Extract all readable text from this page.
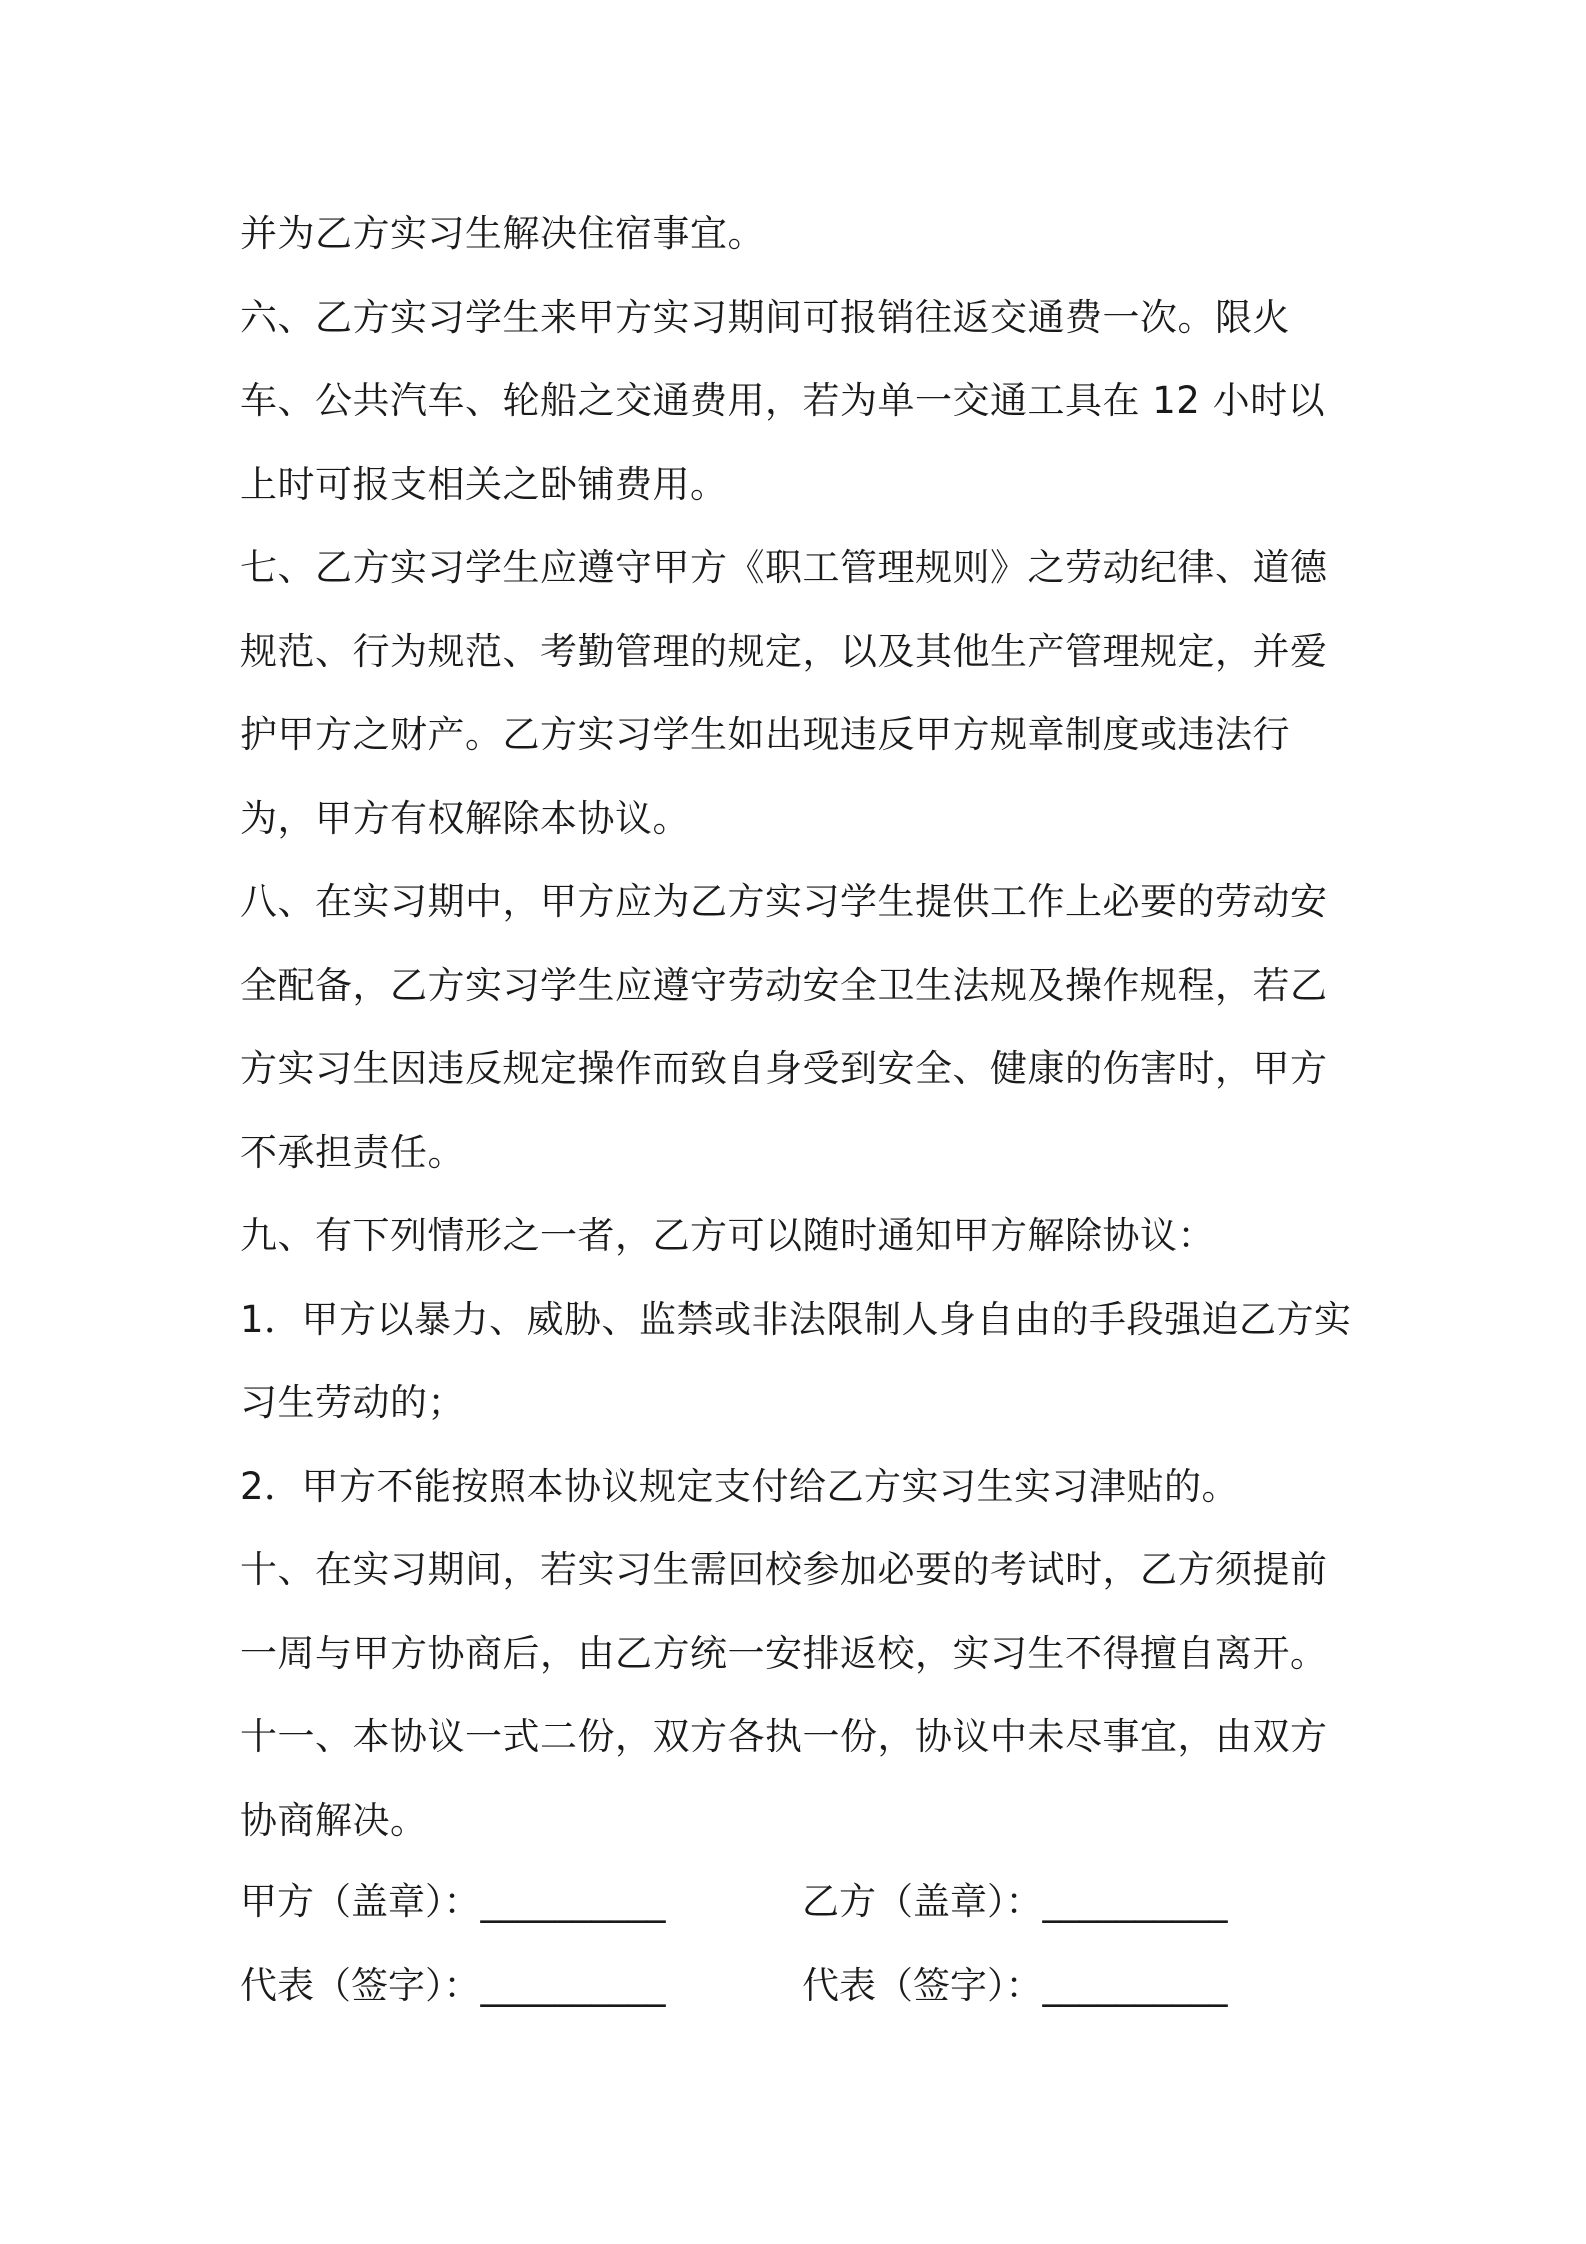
并为乙方实习生解决住宿事宜。

六、乙方实习学生来甲方实习期间可报销往返交通费一次。限火车、公共汽车、轮船之交通费用，若为单一交通工具在 12 小时以上时可报支相关之卧铺费用。

七、乙方实习学生应遵守甲方《职工管理规则》之劳动纪律、道德规范、行为规范、考勤管理的规定，以及其他生产管理规定，并爱护甲方之财产。乙方实习学生如出现违反甲方规章制度或违法行为，甲方有权解除本协议。

八、在实习期中，甲方应为乙方实习学生提供工作上必要的劳动安全配备，乙方实习学生应遵守劳动安全卫生法规及操作规程，若乙方实习生因违反规定操作而致自身受到安全、健康的伤害时，甲方不承担责任。

九、有下列情形之一者，乙方可以随时通知甲方解除协议：

1．甲方以暴力、威胁、监禁或非法限制人身自由的手段强迫乙方实习生劳动的；

2．甲方不能按照本协议规定支付给乙方实习生实习津贴的。

十、在实习期间，若实习生需回校参加必要的考试时，乙方须提前一周与甲方协商后，由乙方统一安排返校，实习生不得擅自离开。

十一、本协议一式二份，双方各执一份，协议中未尽事宜，由双方协商解决。

甲方（盖章）：__________	乙方（盖章）：__________
代表（签字）：__________	代表（签字）：__________
